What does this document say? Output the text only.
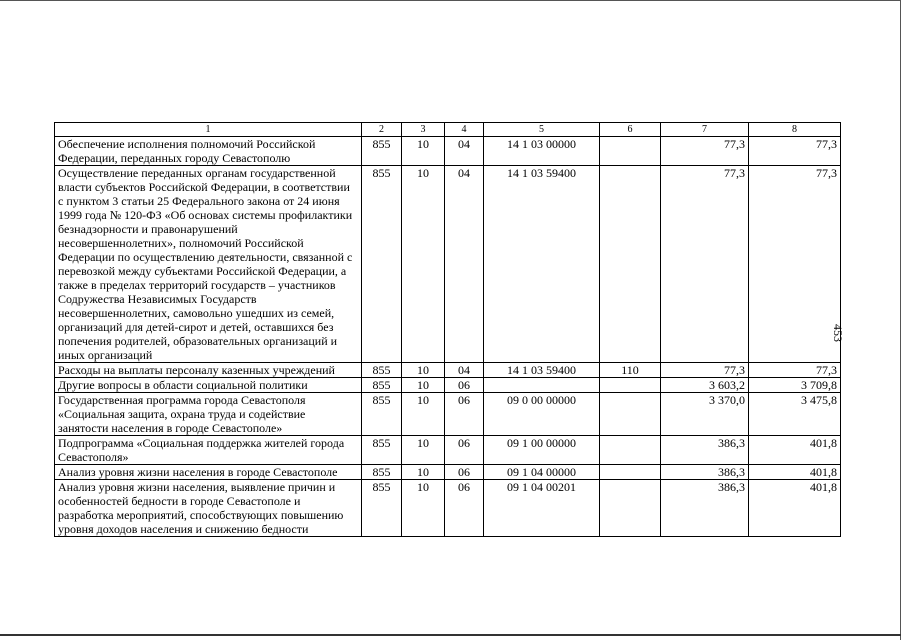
453
1	2	3	4	5	6	7	8
Обеспечение исполнения полномочий Российской Федерации, переданных городу Севастополю	855	10	04	14 1 03 00000		77,3	77,3
Осуществление переданных органам государственной власти субъектов Российской Федерации, в соответствии с пунктом 3 статьи 25 Федерального закона от 24 июня 1999 года № 120-ФЗ «Об основах системы профилактики безнадзорности и правонарушений несовершеннолетних», полномочий Российской Федерации по осуществлению деятельности, связанной с перевозкой между субъектами Российской Федерации, а также в пределах территорий государств – участников Содружества Независимых Государств несовершеннолетних, самовольно ушедших из семей, организаций для детей-сирот и детей, оставшихся без попечения родителей, образовательных организаций и иных организаций	855	10	04	14 1 03 59400		77,3	77,3
Расходы на выплаты персоналу казенных учреждений	855	10	04	14 1 03 59400	110	77,3	77,3
Другие вопросы в области социальной политики	855	10	06			3 603,2	3 709,8
Государственная программа города Севастополя «Социальная защита, охрана труда и содействие занятости населения в городе Севастополе»	855	10	06	09 0 00 00000		3 370,0	3 475,8
Подпрограмма «Социальная поддержка жителей города Севастополя»	855	10	06	09 1 00 00000		386,3	401,8
Анализ уровня жизни населения в городе Севастополе	855	10	06	09 1 04 00000		386,3	401,8
Анализ уровня жизни населения, выявление причин и особенностей бедности в городе Севастополе и разработка мероприятий, способствующих повышению уровня доходов населения и снижению бедности	855	10	06	09 1 04 00201		386,3	401,8
